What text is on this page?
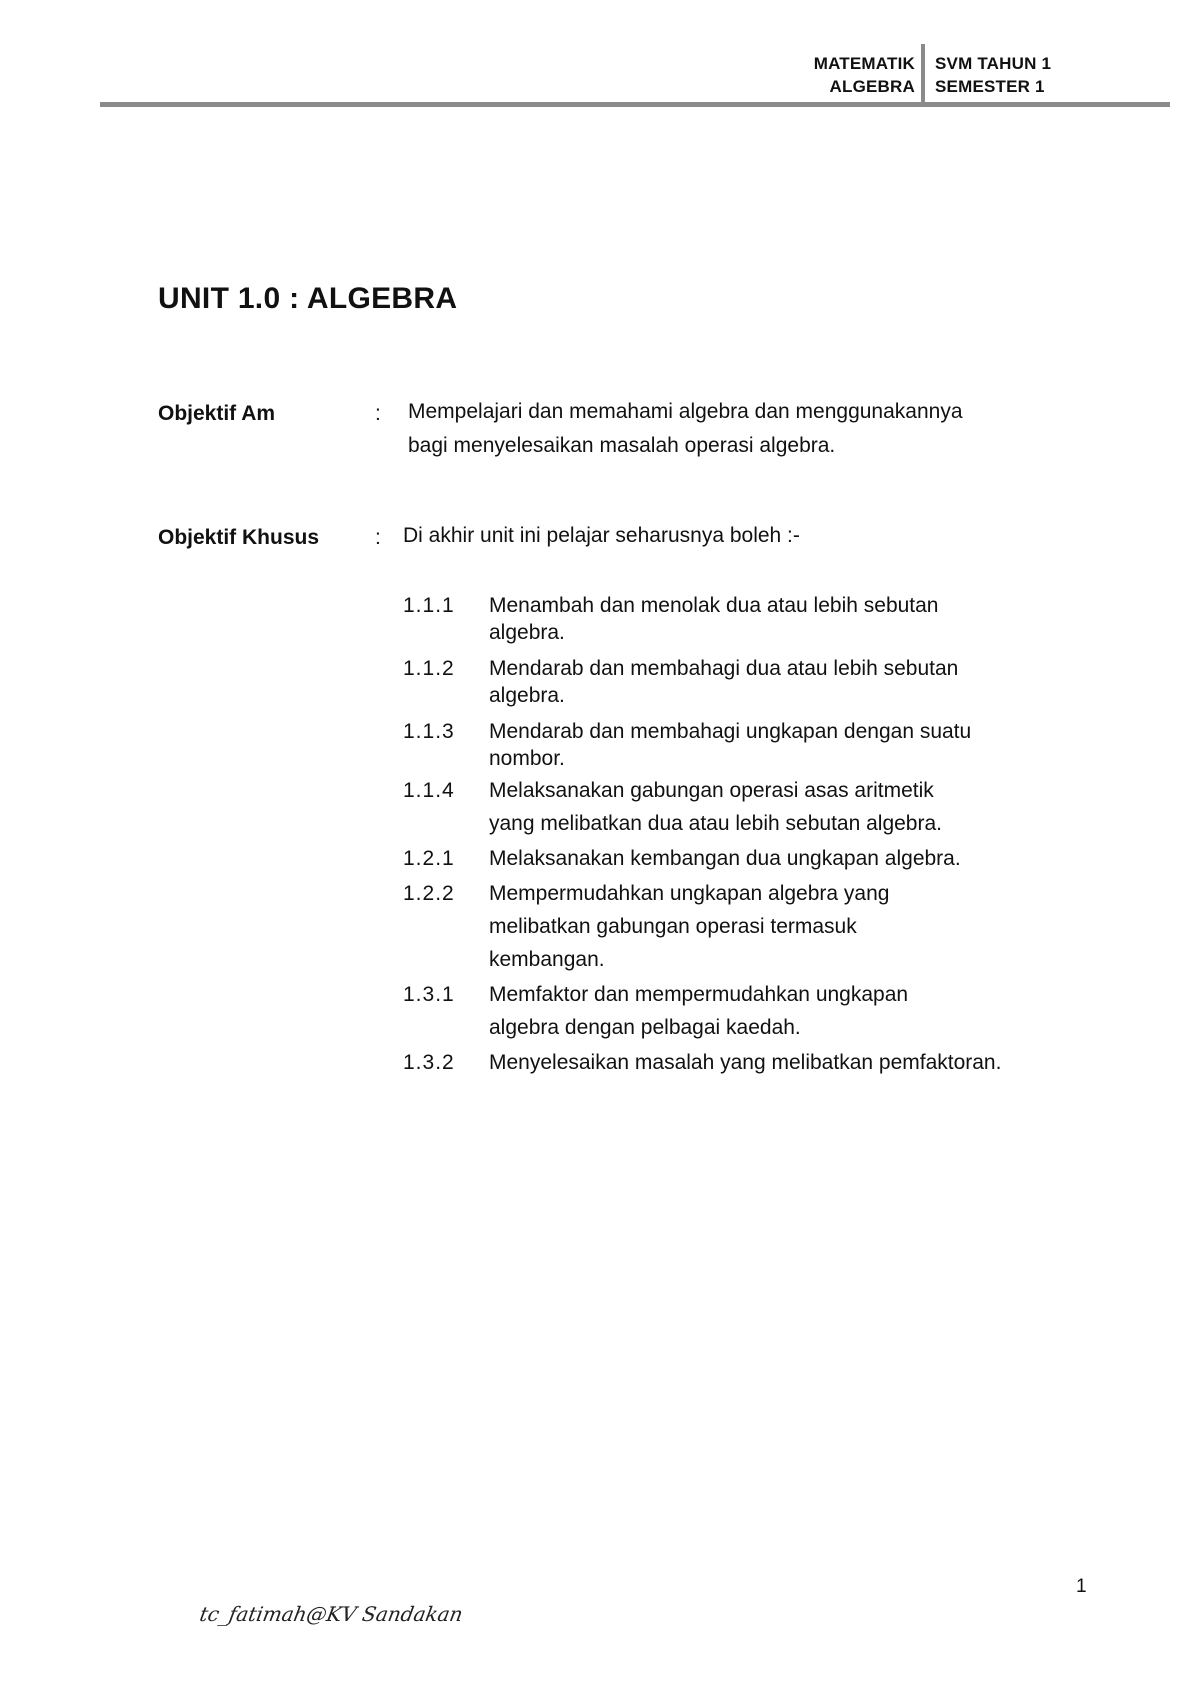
MATEMATIK
ALGEBRA
SVM TAHUN 1
SEMESTER 1
UNIT 1.0 : ALGEBRA
Objektif Am	: Mempelajari dan memahami algebra dan menggunakannya
bagi menyelesaikan masalah operasi algebra.
Objektif Khusus	: Di akhir unit ini pelajar seharusnya boleh :-
1.1.1	Menambah dan menolak dua atau lebih sebutan
algebra.
1.1.2	Mendarab dan membahagi dua atau lebih sebutan
algebra.
1.1.3	Mendarab dan membahagi ungkapan dengan suatu
nombor.
1.1.4	Melaksanakan gabungan operasi asas aritmetik
yang melibatkan dua atau lebih sebutan algebra.
1.2.1	Melaksanakan kembangan dua ungkapan algebra.
1.2.2	Mempermudahkan ungkapan algebra yang
melibatkan gabungan operasi termasuk
kembangan.
1.3.1	Memfaktor dan mempermudahkan ungkapan
algebra dengan pelbagai kaedah.
1.3.2	Menyelesaikan masalah yang melibatkan pemfaktoran.
1
tc_fatimah@KV Sandakan
